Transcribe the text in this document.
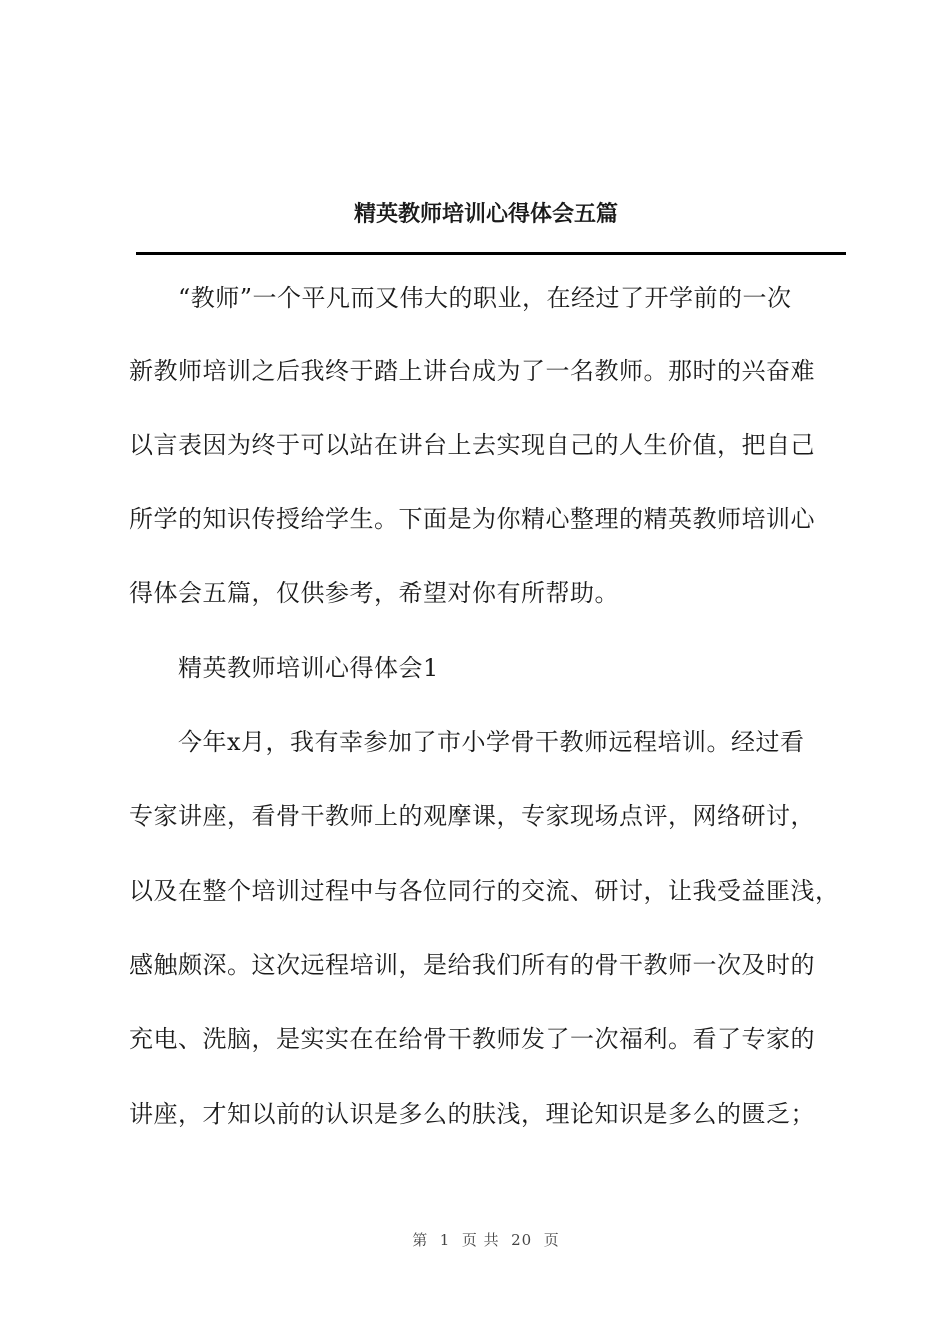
精英教师培训心得体会五篇
“教师”一个平凡而又伟大的职业，在经过了开学前的一次
新教师培训之后我终于踏上讲台成为了一名教师。那时的兴奋难
以言表因为终于可以站在讲台上去实现自己的人生价值，把自己
所学的知识传授给学生。下面是为你精心整理的精英教师培训心
得体会五篇，仅供参考，希望对你有所帮助。
精英教师培训心得体会1
今年x月，我有幸参加了市小学骨干教师远程培训。经过看
专家讲座，看骨干教师上的观摩课，专家现场点评，网络研讨，
以及在整个培训过程中与各位同行的交流、研讨，让我受益匪浅，
感触颇深。这次远程培训，是给我们所有的骨干教师一次及时的
充电、洗脑，是实实在在给骨干教师发了一次福利。看了专家的
讲座，才知以前的认识是多么的肤浅，理论知识是多么的匮乏；
第  1  页 共  20  页
